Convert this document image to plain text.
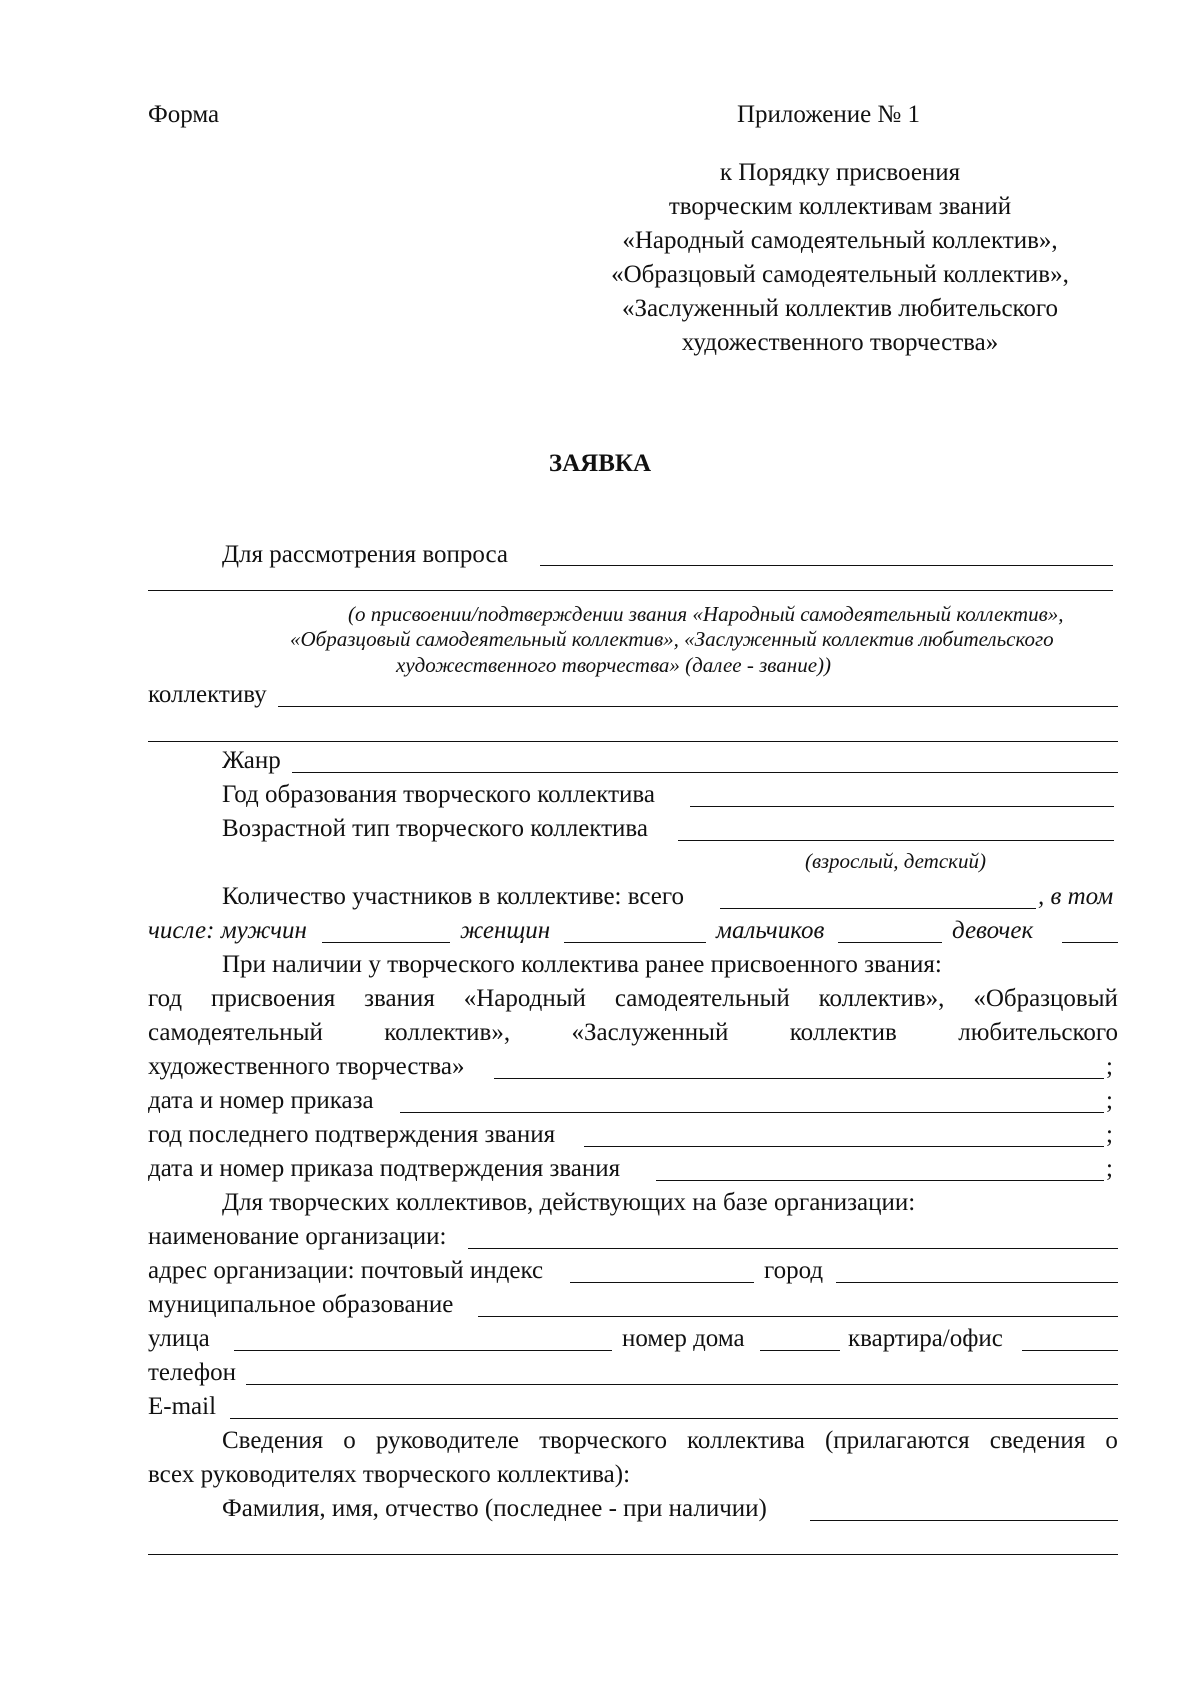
Форма	Приложение № 1
к Порядку присвоения
творческим коллективам званий
«Народный самодеятельный коллектив»,
«Образцовый самодеятельный коллектив»,
«Заслуженный коллектив любительского
художественного творчества»
ЗАЯВКА
Для рассмотрения вопроса
(о присвоении/подтверждении звания «Народный самодеятельный коллектив»,
«Образцовый самодеятельный коллектив», «Заслуженный коллектив любительского
художественного творчества» (далее - звание))
коллективу
Жанр
Год образования творческого коллектива
Возрастной тип творческого коллектива
(взрослый, детский)
Количество участников в коллективе: всего	, в том
числе: мужчин	женщин	мальчиков	девочек
При наличии у творческого коллектива ранее присвоенного звания:
год присвоения звания «Народный самодеятельный коллектив», «Образцовый
самодеятельный коллектив», «Заслуженный коллектив любительского
художественного творчества»	;
дата и номер приказа	;
год последнего подтверждения звания	;
дата и номер приказа подтверждения звания	;
Для творческих коллективов, действующих на базе организации:
наименование организации:
адрес организации: почтовый индекс	город
муниципальное образование
улица	номер дома	квартира/офис
телефон
E-mail
Сведения о руководителе творческого коллектива (прилагаются сведения о
всех руководителях творческого коллектива):
Фамилия, имя, отчество (последнее - при наличии)
